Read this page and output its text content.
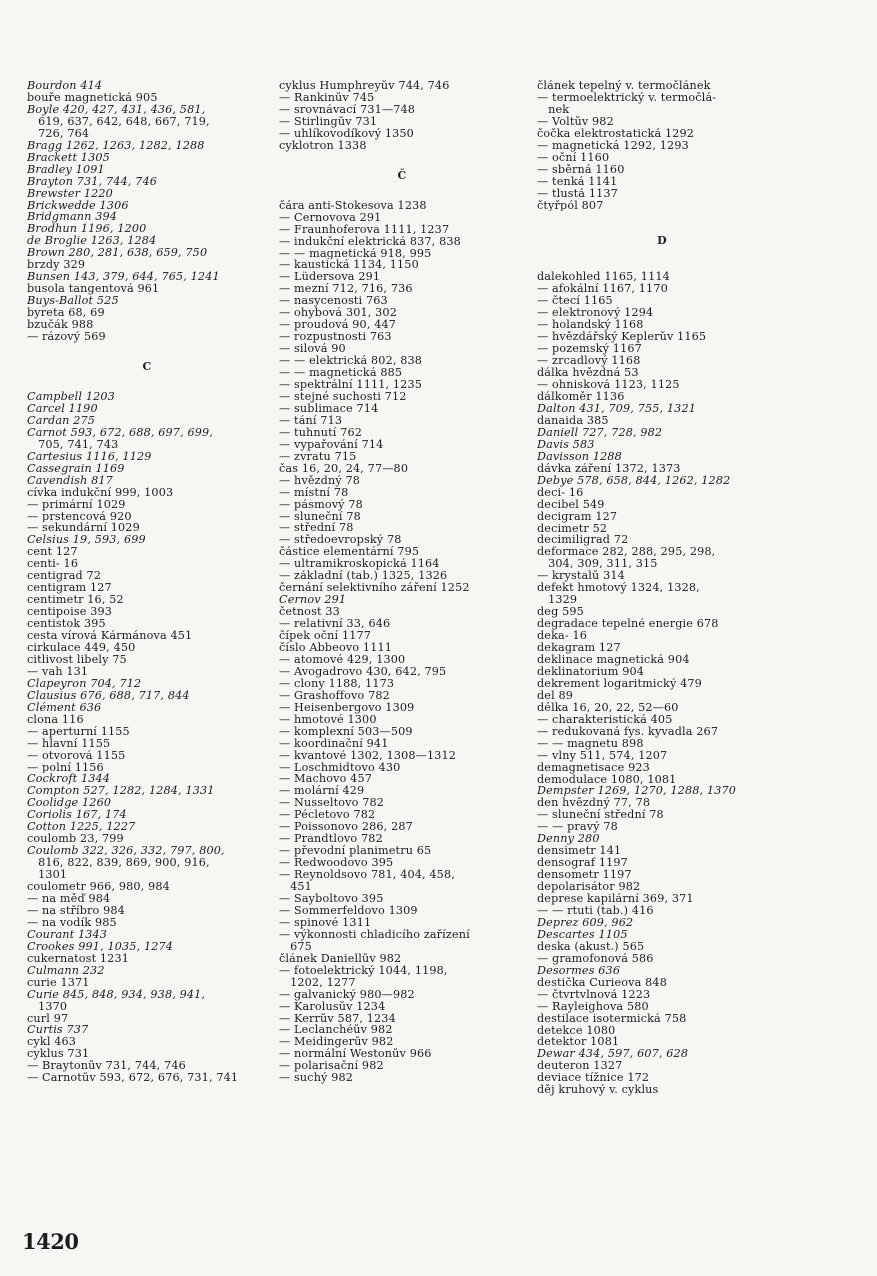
Bourdon 414
bouře magnetická 905
Boyle 420, 427, 431, 436, 581,
619, 637, 642, 648, 667, 719,
726, 764
Bragg 1262, 1263, 1282, 1288
Brackett 1305
Bradley 1091
Brayton 731, 744, 746
Brewster 1220
Brickwedde 1306
Bridgmann 394
Brodhun 1196, 1200
de Broglie 1263, 1284
Brown 280, 281, 638, 659, 750
brzdy 329
Bunsen 143, 379, 644, 765, 1241
busola tangentová 961
Buys-Ballot 525
byreta 68, 69
bzučák 988
— rázový 569
C
Campbell 1203
Carcel 1190
Cardan 275
Carnot 593, 672, 688, 697, 699,
705, 741, 743
Cartesius 1116, 1129
Cassegrain 1169
Cavendish 817
cívka indukční 999, 1003
— primární 1029
— prstencová 920
— sekundární 1029
Celsius 19, 593, 699
cent 127
centi- 16
centigrad 72
centigram 127
centimetr 16, 52
centipoise 393
centistok 395
cesta vírová Kármánova 451
cirkulace 449, 450
citlivost libely 75
— vah 131
Clapeyron 704, 712
Clausius 676, 688, 717, 844
Clément 636
clona 116
— aperturní 1155
— hlavní 1155
— otvorová 1155
— polní 1156
Cockroft 1344
Compton 527, 1282, 1284, 1331
Coolidge 1260
Coriolis 167, 174
Cotton 1225, 1227
coulomb 23, 799
Coulomb 322, 326, 332, 797, 800,
816, 822, 839, 869, 900, 916,
1301
coulometr 966, 980, 984
— na měď 984
— na stříbro 984
— na vodík 985
Courant 1343
Crookes 991, 1035, 1274
cukernatost 1231
Culmann 232
curie 1371
Curie 845, 848, 934, 938, 941,
1370
curl 97
Curtis 737
cykl 463
cyklus 731
— Braytonův 731, 744, 746
— Carnotův 593, 672, 676, 731, 741
cyklus Humphreyův 744, 746
— Rankinův 745
— srovnávací 731—748
— Stirlingův 731
— uhlíkovodíkový 1350
cyklotron 1338
Č
čára anti-Stokesova 1238
— Černovova 291
— Fraunhoferova 1111, 1237
— indukční elektrická 837, 838
— — magnetická 918, 995
— kaustická 1134, 1150
— Lüdersova 291
— mezní 712, 716, 736
— nasycenosti 763
— ohybová 301, 302
— proudová 90, 447
— rozpustnosti 763
— silová 90
— — elektrická 802, 838
— — magnetická 885
— spektrální 1111, 1235
— stejné suchosti 712
— sublimace 714
— tání 713
— tuhnutí 762
— vypařování 714
— zvratu 715
čas 16, 20, 24, 77—80
— hvězdný 78
— místní 78
— pásmový 78
— sluneční 78
— střední 78
— středoevropský 78
částice elementární 795
— ultramikroskopická 1164
— základní (tab.) 1325, 1326
černání selektivního záření 1252
Černov 291
četnost 33
— relativní 33, 646
čípek oční 1177
číslo Abbeovo 1111
— atomové 429, 1300
— Avogadrovo 430, 642, 795
— clony 1188, 1173
— Grashoffovo 782
— Heisenbergovo 1309
— hmotové 1300
— komplexní 503—509
— koordinační 941
— kvantové 1302, 1308—1312
— Loschmidtovo 430
— Machovo 457
— molární 429
— Nusseltovo 782
— Pécletovo 782
— Poissonovo 286, 287
— Prandtlovo 782
— převodní planimetru 65
— Redwoodovo 395
— Reynoldsovo 781, 404, 458,
451
— Sayboltovo 395
— Sommerfeldovo 1309
— spinové 1311
— výkonnosti chladicího zařízení
675
článek Daniellův 982
— fotoelektrický 1044, 1198,
1202, 1277
— galvanický 980—982
— Karolusův 1234
— Kerrův 587, 1234
— Leclanchéův 982
— Meidingerův 982
— normální Westonův 966
— polarisační 982
— suchý 982
článek tepelný v. termočlánek
— termoelektrický v. termočlá-
nek
— Voltův 982
čočka elektrostatická 1292
— magnetická 1292, 1293
— oční 1160
— sběrná 1160
— tenká 1141
— tlustá 1137
čtyřpól 807
D
dalekohled 1165, 1114
— afokální 1167, 1170
— čtecí 1165
— elektronový 1294
— holandský 1168
— hvězdářský Keplerův 1165
— pozemský 1167
— zrcadlový 1168
dálka hvězdná 53
— ohnisková 1123, 1125
dálkoměr 1136
Dalton 431, 709, 755, 1321
danaida 385
Daniell 727, 728, 982
Davis 583
Davisson 1288
dávka záření 1372, 1373
Debye 578, 658, 844, 1262, 1282
deci- 16
decibel 549
decigram 127
decimetr 52
decimiligrad 72
deformace 282, 288, 295, 298,
304, 309, 311, 315
— krystalů 314
defekt hmotový 1324, 1328,
1329
deg 595
degradace tepelné energie 678
deka- 16
dekagram 127
deklinace magnetická 904
deklinatorium 904
dekrement logaritmický 479
del 89
délka 16, 20, 22, 52—60
— charakteristická 405
— redukovaná fys. kyvadla 267
— — magnetu 898
— vlny 511, 574, 1207
demagnetisace 923
demodulace 1080, 1081
Dempster 1269, 1270, 1288, 1370
den hvězdný 77, 78
— sluneční střední 78
— — pravý 78
Denny 280
densimetr 141
densograf 1197
densometr 1197
depolarisátor 982
deprese kapilární 369, 371
— — rtuti (tab.) 416
Deprez 609, 962
Descartes 1105
deska (akust.) 565
— gramofonová 586
Desormes 636
destička Curieova 848
— čtvrtvlnová 1223
— Rayleighova 580
destilace isotermická 758
detekce 1080
detektor 1081
Dewar 434, 597, 607, 628
deuteron 1327
deviace tížnice 172
děj kruhový v. cyklus
1420
